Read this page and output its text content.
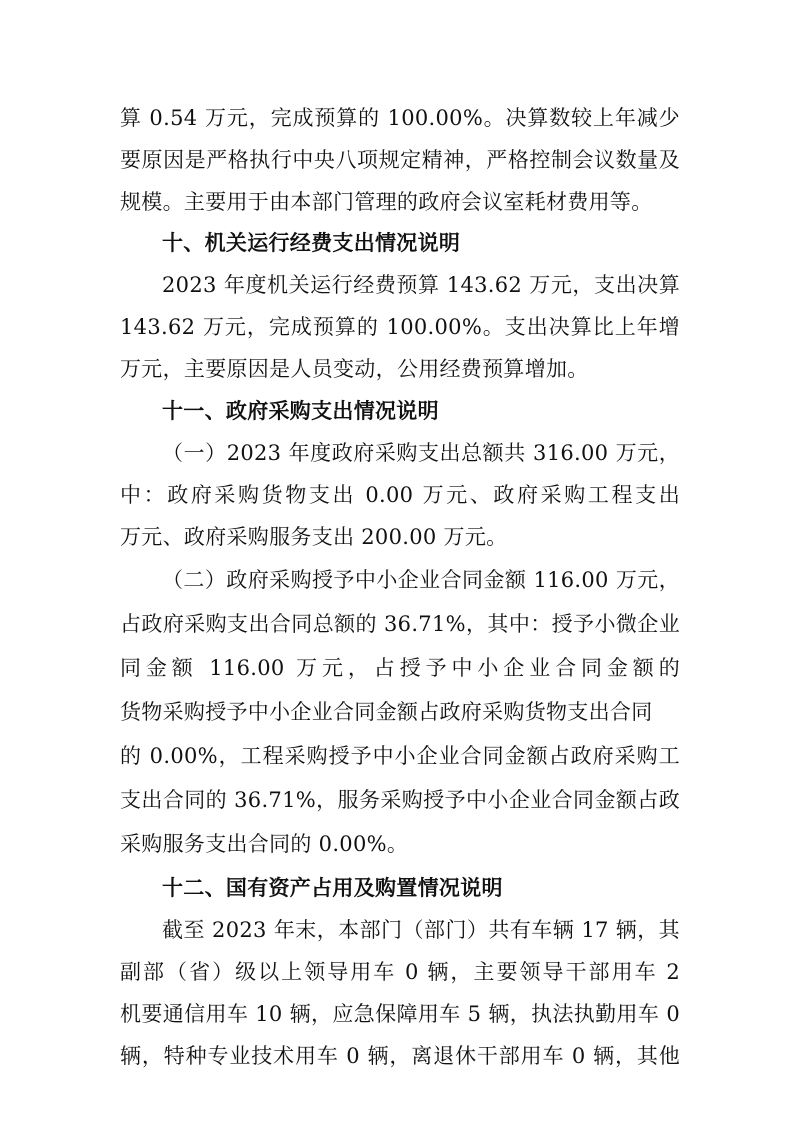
算 0.54 万元，完成预算的 100.00%。决算数较上年减少
要原因是严格执行中央八项规定精神，严格控制会议数量及
规模。主要用于由本部门管理的政府会议室耗材费用等。
十、机关运行经费支出情况说明
2023 年度机关运行经费预算 143.62 万元，支出决算
143.62 万元，完成预算的 100.00%。支出决算比上年增
万元，主要原因是人员变动，公用经费预算增加。
十一、政府采购支出情况说明
（一）2023 年度政府采购支出总额共 316.00 万元，
中：政府采购货物支出 0.00 万元、政府采购工程支出
万元、政府采购服务支出 200.00 万元。
（二）政府采购授予中小企业合同金额 116.00 万元，
占政府采购支出合同总额的 36.71%，其中：授予小微企业
同金额 116.00 万元，占授予中小企业合同金额的
货物采购授予中小企业合同金额占政府采购货物支出合同
的 0.00%，工程采购授予中小企业合同金额占政府采购工
支出合同的 36.71%，服务采购授予中小企业合同金额占政
采购服务支出合同的 0.00%。
十二、国有资产占用及购置情况说明
截至 2023 年末，本部门（部门）共有车辆 17 辆，其
副部（省）级以上领导用车 0 辆，主要领导干部用车 2
机要通信用车 10 辆，应急保障用车 5 辆，执法执勤用车 0
辆，特种专业技术用车 0 辆，离退休干部用车 0 辆，其他
